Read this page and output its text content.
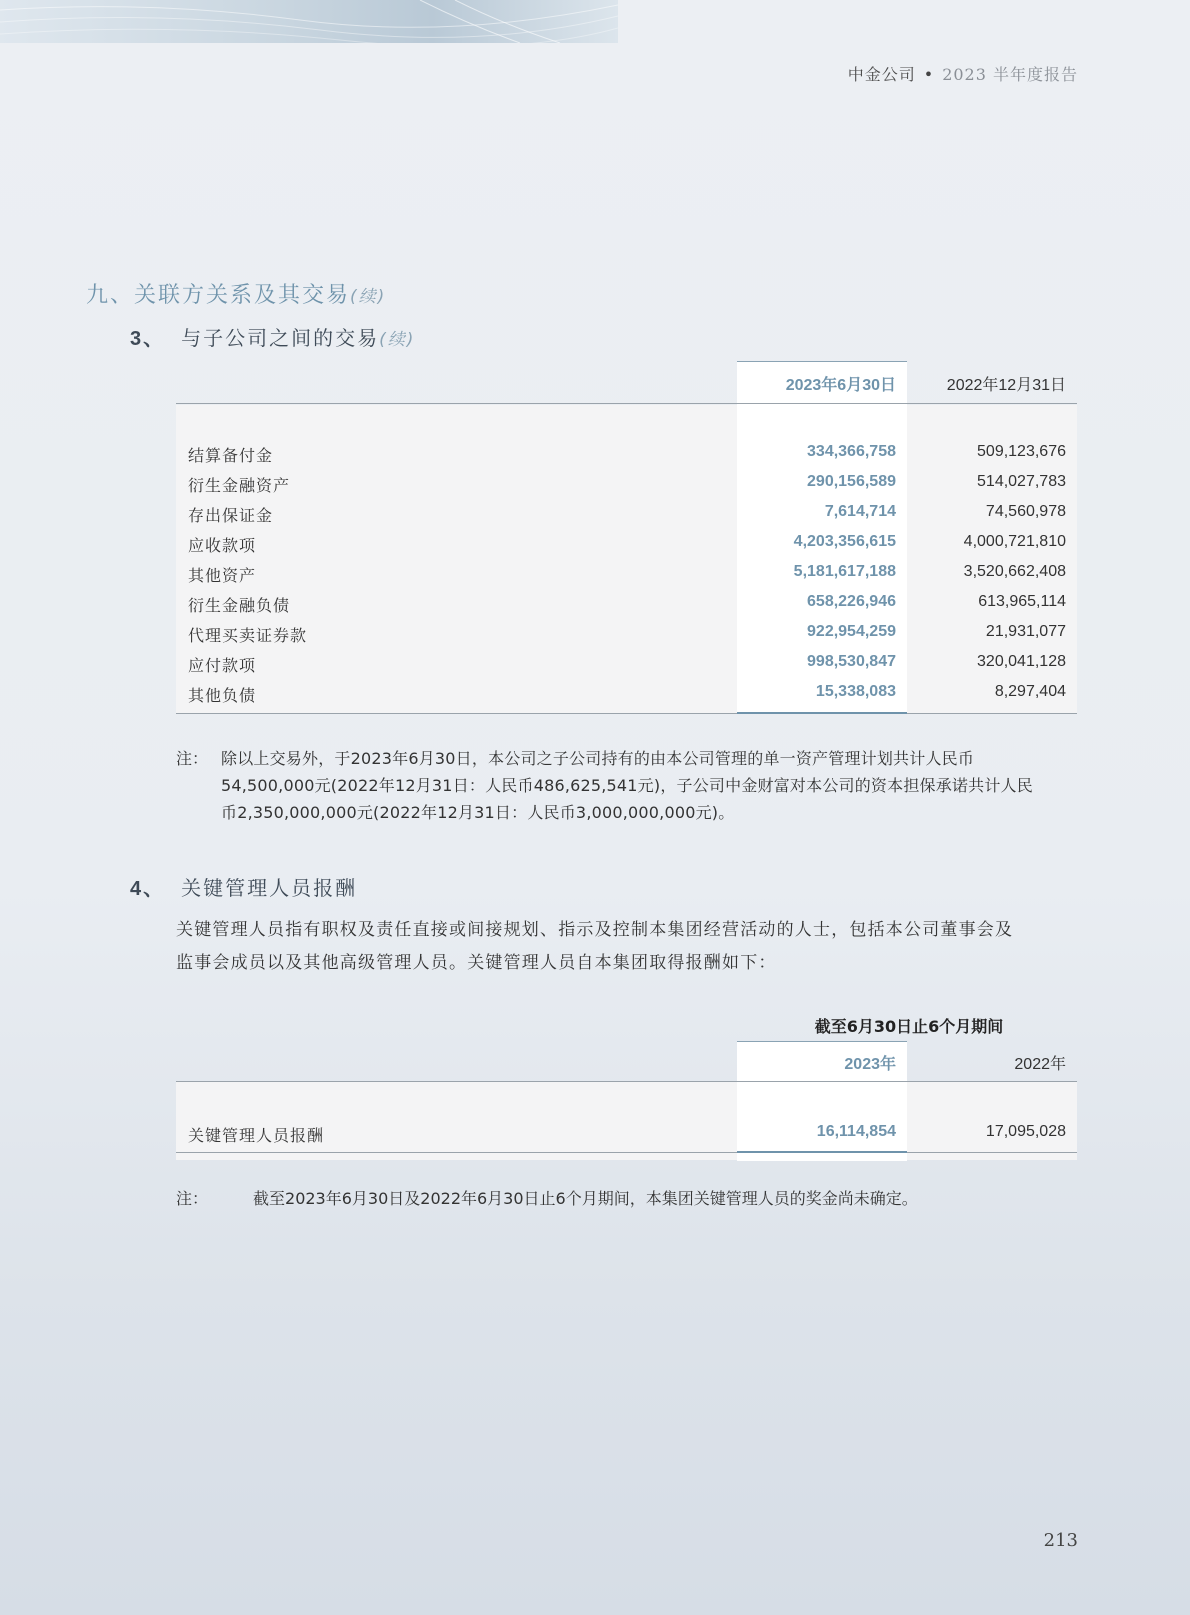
中金公司 • 2023 半年度报告
九、关联方关系及其交易(续)
3、 与子公司之间的交易(续)
2023年6月30日	2022年12月31日
结算备付金	334,366,758	509,123,676
衍生金融资产	290,156,589	514,027,783
存出保证金	7,614,714	74,560,978
应收款项	4,203,356,615	4,000,721,810
其他资产	5,181,617,188	3,520,662,408
衍生金融负债	658,226,946	613,965,114
代理买卖证券款	922,954,259	21,931,077
应付款项	998,530,847	320,041,128
其他负债	15,338,083	8,297,404
注： 除以上交易外，于2023年6月30日，本公司之子公司持有的由本公司管理的单一资产管理计划共计人民币
54,500,000元(2022年12月31日：人民币486,625,541元)，子公司中金财富对本公司的资本担保承诺共计人民
币2,350,000,000元(2022年12月31日：人民币3,000,000,000元)。
4、 关键管理人员报酬
关键管理人员指有职权及责任直接或间接规划、指示及控制本集团经营活动的人士，包括本公司董事会及
监事会成员以及其他高级管理人员。关键管理人员自本集团取得报酬如下：
截至6月30日止6个月期间
2023年	2022年
关键管理人员报酬	16,114,854	17,095,028
注：	截至2023年6月30日及2022年6月30日止6个月期间，本集团关键管理人员的奖金尚未确定。
213
